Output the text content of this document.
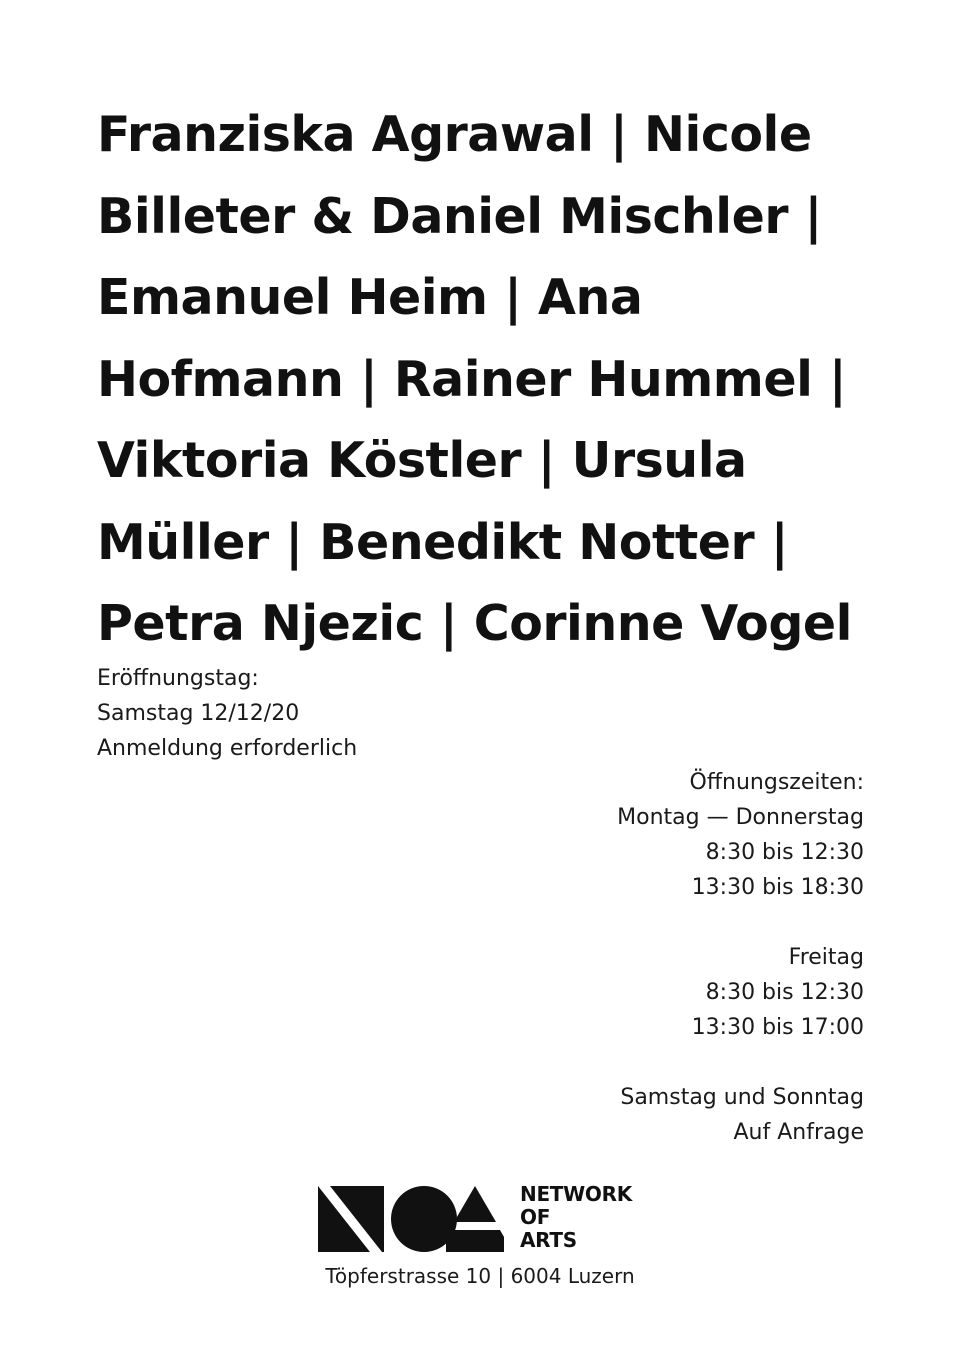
Franziska Agrawal | Nicole
Billeter & Daniel Mischler |
Emanuel Heim | Ana
Hofmann | Rainer Hummel |
Viktoria Köstler | Ursula
Müller | Benedikt Notter |
Petra Njezic | Corinne Vogel
Eröffnungstag:
Samstag 12/12/20
Anmeldung erforderlich
Öffnungszeiten:
Montag — Donnerstag
8:30 bis 12:30
13:30 bis 18:30
Freitag
8:30 bis 12:30
13:30 bis 17:00
Samstag und Sonntag
Auf Anfrage
NETWORK
OF
ARTS
Töpferstrasse 10 | 6004 Luzern
